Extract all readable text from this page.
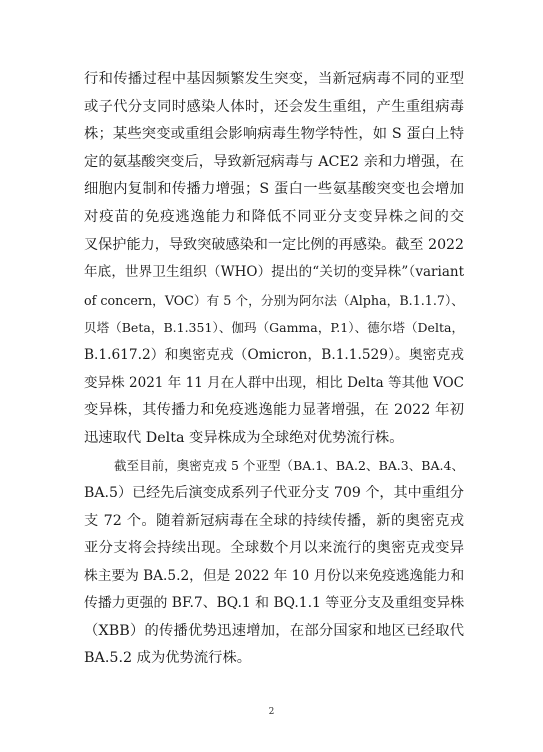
行和传播过程中基因频繁发生突变，当新冠病毒不同的亚型
或子代分支同时感染人体时，还会发生重组，产生重组病毒
株；某些突变或重组会影响病毒生物学特性，如 S 蛋白上特
定的氨基酸突变后，导致新冠病毒与 ACE2 亲和力增强，在
细胞内复制和传播力增强；S 蛋白一些氨基酸突变也会增加
对疫苗的免疫逃逸能力和降低不同亚分支变异株之间的交
叉保护能力，导致突破感染和一定比例的再感染。截至 2022
年底，世界卫生组织（WHO）提出的“关切的变异株”（variant
of concern，VOC）有 5 个，分别为阿尔法（Alpha，B.1.1.7）、
贝塔（Beta，B.1.351）、伽玛（Gamma，P.1）、德尔塔（Delta，
B.1.617.2）和奥密克戎（Omicron，B.1.1.529）。奥密克戎
变异株 2021 年 11 月在人群中出现，相比 Delta 等其他 VOC
变异株，其传播力和免疫逃逸能力显著增强，在 2022 年初
迅速取代 Delta 变异株成为全球绝对优势流行株。
截至目前，奥密克戎 5 个亚型（BA.1、BA.2、BA.3、BA.4、
BA.5）已经先后演变成系列子代亚分支 709 个，其中重组分
支 72 个。随着新冠病毒在全球的持续传播，新的奥密克戎
亚分支将会持续出现。全球数个月以来流行的奥密克戎变异
株主要为 BA.5.2，但是 2022 年 10 月份以来免疫逃逸能力和
传播力更强的 BF.7、BQ.1 和 BQ.1.1 等亚分支及重组变异株
（XBB）的传播优势迅速增加，在部分国家和地区已经取代
BA.5.2 成为优势流行株。
2
